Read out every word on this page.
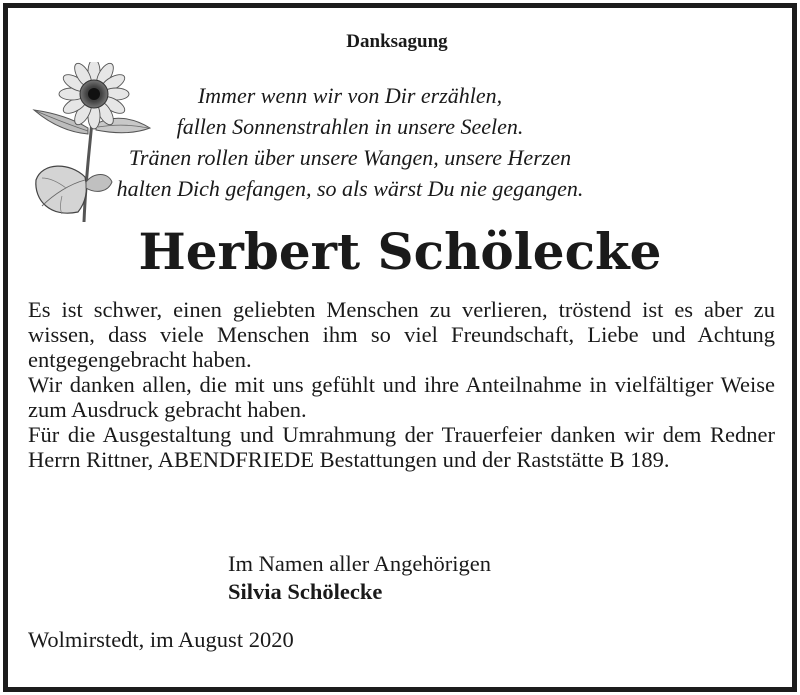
Danksagung
Immer wenn wir von Dir erzählen,
fallen Sonnenstrahlen in unsere Seelen.
Tränen rollen über unsere Wangen, unsere Herzen
halten Dich gefangen, so als wärst Du nie gegangen.
Herbert Schölecke

Es ist schwer, einen geliebten Menschen zu verlieren, tröstend ist es aber zu wissen, dass viele Menschen ihm so viel Freundschaft, Liebe und Achtung entgegengebracht haben.

Wir danken allen, die mit uns gefühlt und ihre Anteilnahme in vielfältiger Weise zum Ausdruck gebracht haben.

Für die Ausgestaltung und Umrahmung der Trauerfeier danken wir dem Redner Herrn Rittner, ABENDFRIEDE Bestattungen und der Raststätte B 189.

Im Namen aller Angehörigen
Silvia Schölecke
Wolmirstedt, im August 2020
